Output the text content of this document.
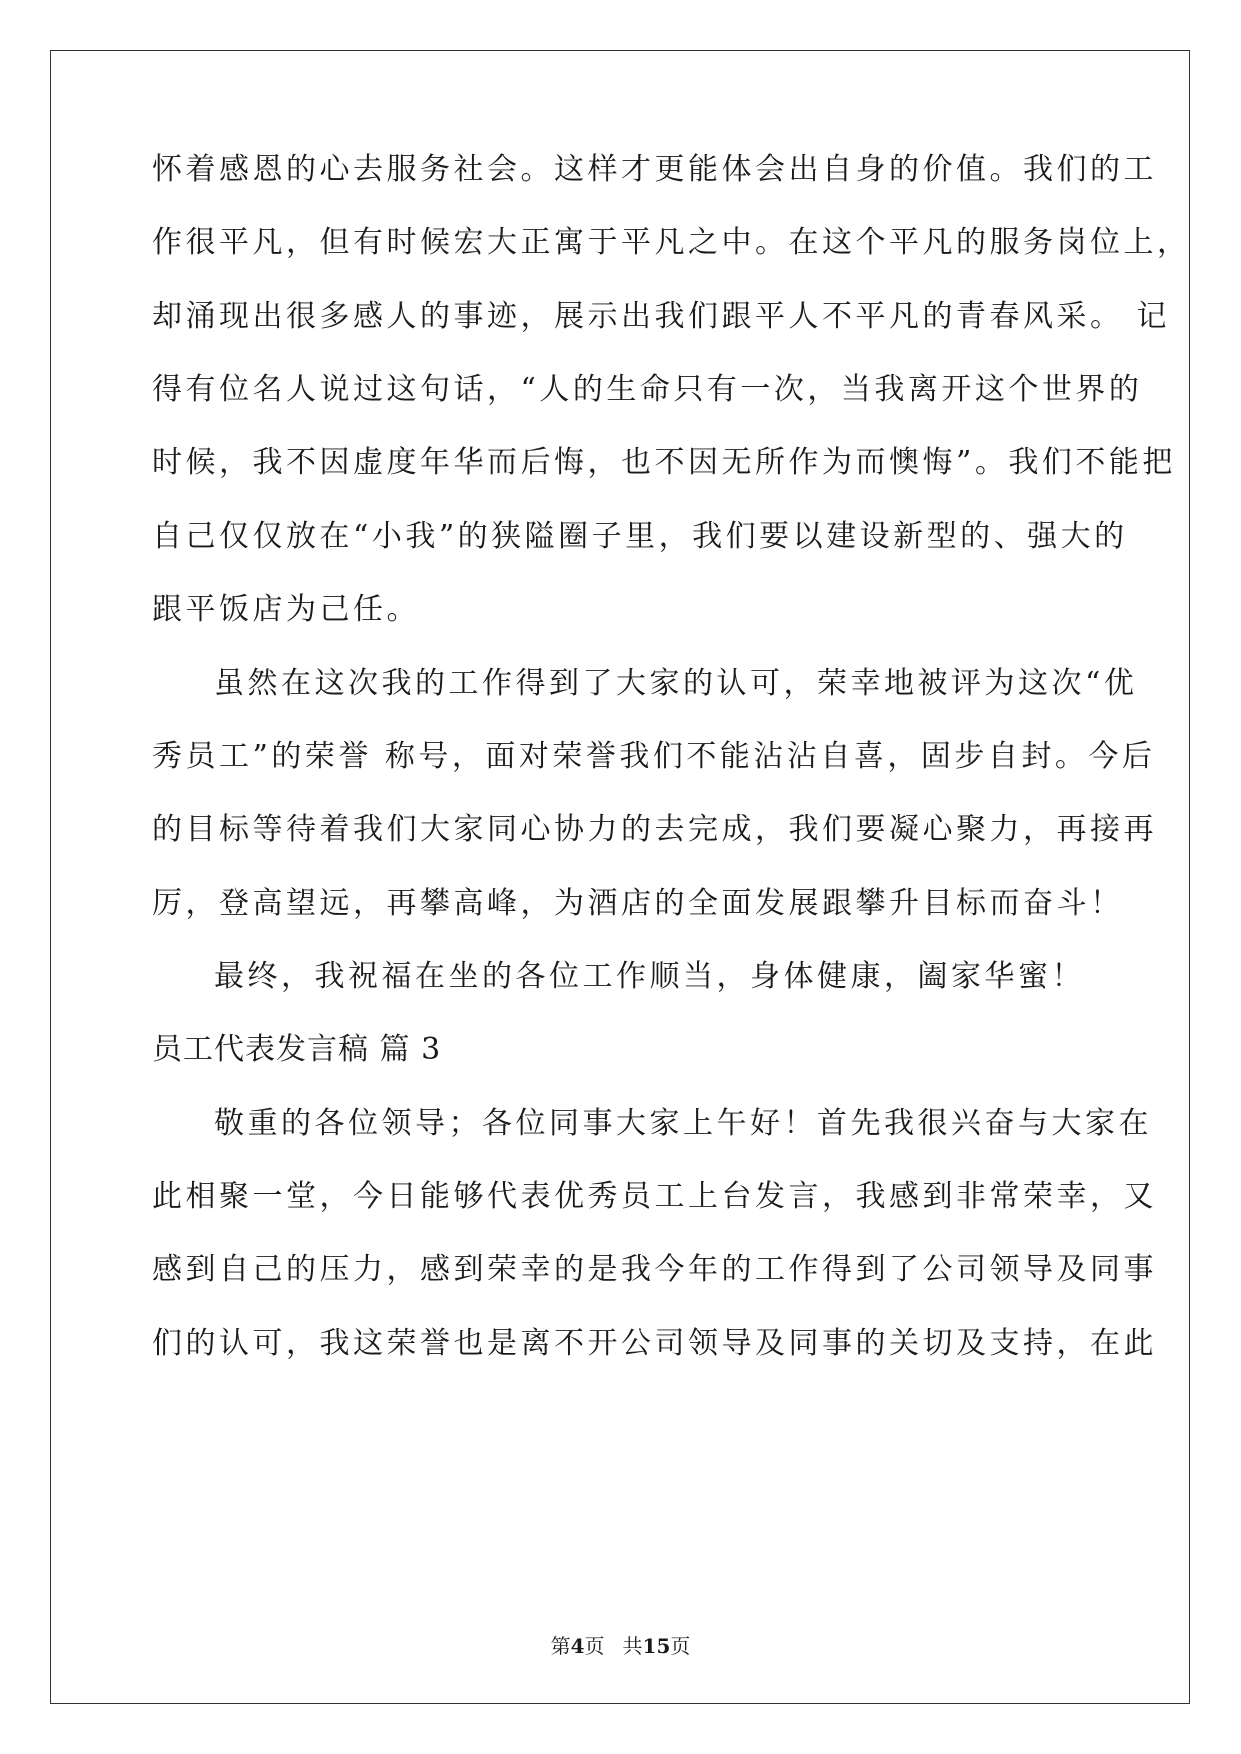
怀着感恩的心去服务社会。这样才更能体会出自身的价值。我们的工
作很平凡，但有时候宏大正寓于平凡之中。在这个平凡的服务岗位上，
却涌现出很多感人的事迹，展示出我们跟平人不平凡的青春风采。 记
得有位名人说过这句话，“人的生命只有一次，当我离开这个世界的
时候，我不因虚度年华而后悔，也不因无所作为而懊悔”。我们不能把
自己仅仅放在“小我”的狭隘圈子里，我们要以建设新型的、强大的
跟平饭店为己任。
虽然在这次我的工作得到了大家的认可，荣幸地被评为这次“优
秀员工”的荣誉 称号，面对荣誉我们不能沾沾自喜，固步自封。今后
的目标等待着我们大家同心协力的去完成，我们要凝心聚力，再接再
厉，登高望远，再攀高峰，为酒店的全面发展跟攀升目标而奋斗！
最终，我祝福在坐的各位工作顺当，身体健康，阖家华蜜！
员工代表发言稿 篇 3
敬重的各位领导；各位同事大家上午好！首先我很兴奋与大家在
此相聚一堂，今日能够代表优秀员工上台发言，我感到非常荣幸，又
感到自己的压力，感到荣幸的是我今年的工作得到了公司领导及同事
们的认可，我这荣誉也是离不开公司领导及同事的关切及支持，在此
第4页 共15页
